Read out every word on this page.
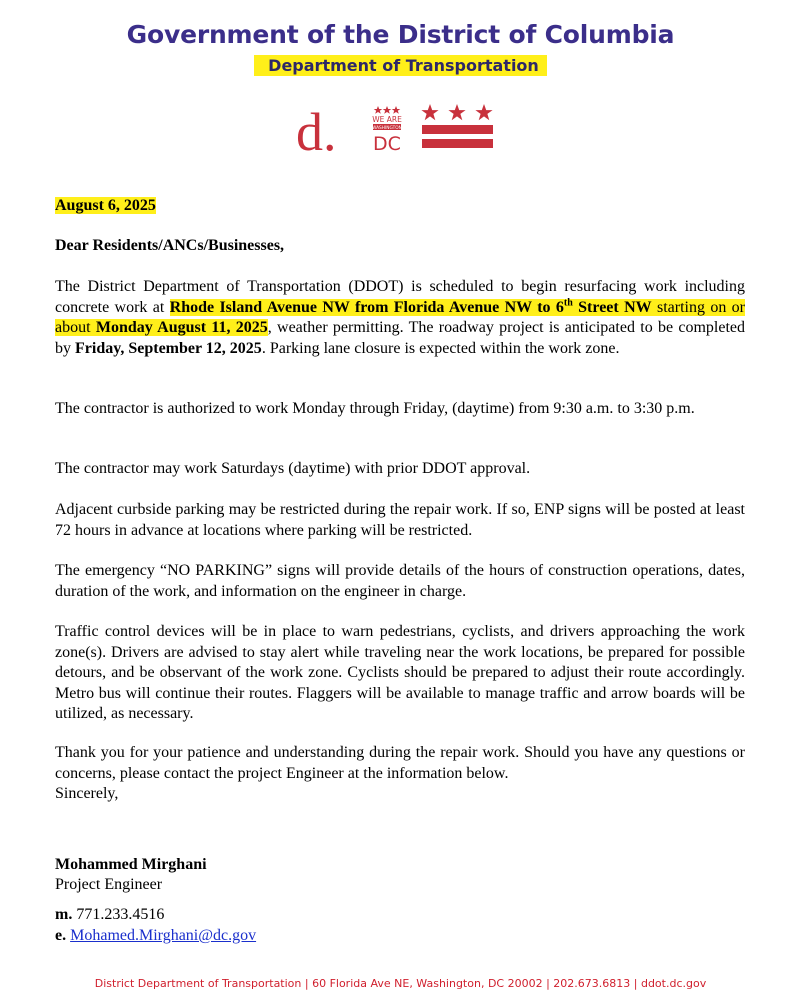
Government of the District of Columbia
Department of Transportation
d.	WE ARE
WASHINGTON
DC
August 6, 2025
Dear Residents/ANCs/Businesses,
The District Department of Transportation (DDOT) is scheduled to begin resurfacing work including concrete work at Rhode Island Avenue NW from Florida Avenue NW to 6th Street NW starting on or about Monday August 11, 2025, weather permitting. The roadway project is anticipated to be completed by Friday, September 12, 2025. Parking lane closure is expected within the work zone.
The contractor is authorized to work Monday through Friday, (daytime) from 9:30 a.m. to 3:30 p.m.
The contractor may work Saturdays (daytime) with prior DDOT approval.
Adjacent curbside parking may be restricted during the repair work. If so, ENP signs will be posted at least 72 hours in advance at locations where parking will be restricted.
The emergency “NO PARKING” signs will provide details of the hours of construction operations, dates, duration of the work, and information on the engineer in charge.
Traffic control devices will be in place to warn pedestrians, cyclists, and drivers approaching the work zone(s). Drivers are advised to stay alert while traveling near the work locations, be prepared for possible detours, and be observant of the work zone. Cyclists should be prepared to adjust their route accordingly. Metro bus will continue their routes. Flaggers will be available to manage traffic and arrow boards will be utilized, as necessary.
Thank you for your patience and understanding during the repair work. Should you have any questions or concerns, please contact the project Engineer at the information below.
Sincerely,
Mohammed Mirghani
Project Engineer
m. 771.233.4516
e. Mohamed.Mirghani@dc.gov
District Department of Transportation | 60 Florida Ave NE, Washington, DC 20002 | 202.673.6813 | ddot.dc.gov
